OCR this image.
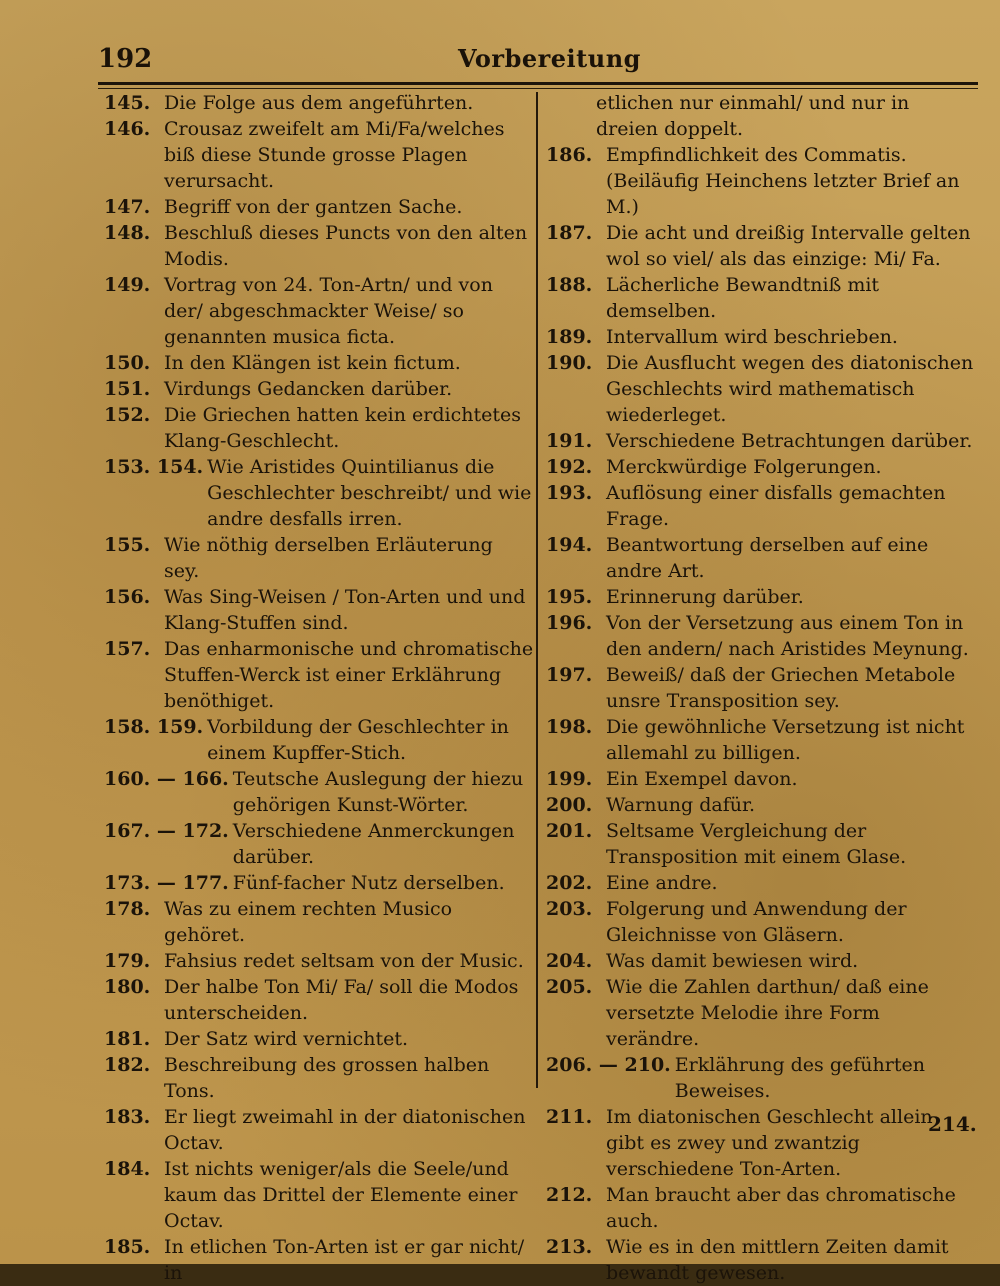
192	Vorbereitung
145. Die Folge aus dem angeführten.
146. Crousaz zweifelt am Mi/Fa/welches biß diese Stunde grosse Plagen verursacht.
147. Begriff von der gantzen Sache.
148. Beschluß dieses Puncts von den alten Modis.
149. Vortrag von 24. Ton-Artn/ und von der/ abgeschmackter Weise/ so genannten musica ficta.
150. In den Klängen ist kein fictum.
151. Virdungs Gedancken darüber.
152. Die Griechen hatten kein erdichtetes Klang-Geschlecht.
153. 154. Wie Aristides Quintilianus die Geschlechter beschreibt/ und wie andre desfalls irren.
155. Wie nöthig derselben Erläuterung sey.
156. Was Sing-Weisen / Ton-Arten und und Klang-Stuffen sind.
157. Das enharmonische und chromatische Stuffen-Werck ist einer Erklährung benöthiget.
158. 159. Vorbildung der Geschlechter in einem Kupffer-Stich.
160. — 166. Teutsche Auslegung der hiezu gehörigen Kunst-Wörter.
167. — 172. Verschiedene Anmerckungen darüber.
173. — 177. Fünf-facher Nutz derselben.
178. Was zu einem rechten Musico gehöret.
179. Fahsius redet seltsam von der Music.
180. Der halbe Ton Mi/ Fa/ soll die Modos unterscheiden.
181. Der Satz wird vernichtet.
182. Beschreibung des grossen halben Tons.
183. Er liegt zweimahl in der diatonischen Octav.
184. Ist nichts weniger/als die Seele/und kaum das Drittel der Elemente einer Octav.
185. In etlichen Ton-Arten ist er gar nicht/ in
etlichen nur einmahl/ und nur in dreien doppelt.
186. Empfindlichkeit des Commatis. (Beiläufig Heinchens letzter Brief an M.)
187. Die acht und dreißig Intervalle gelten wol so viel/ als das einzige: Mi/ Fa.
188. Lächerliche Bewandtniß mit demselben.
189. Intervallum wird beschrieben.
190. Die Ausflucht wegen des diatonischen Geschlechts wird mathematisch wiederleget.
191. Verschiedene Betrachtungen darüber.
192. Merckwürdige Folgerungen.
193. Auflösung einer disfalls gemachten Frage.
194. Beantwortung derselben auf eine andre Art.
195. Erinnerung darüber.
196. Von der Versetzung aus einem Ton in den andern/ nach Aristides Meynung.
197. Beweiß/ daß der Griechen Metabole unsre Transposition sey.
198. Die gewöhnliche Versetzung ist nicht allemahl zu billigen.
199. Ein Exempel davon.
200. Warnung dafür.
201. Seltsame Vergleichung der Transposition mit einem Glase.
202. Eine andre.
203. Folgerung und Anwendung der Gleichnisse von Gläsern.
204. Was damit bewiesen wird.
205. Wie die Zahlen darthun/ daß eine versetzte Melodie ihre Form verändre.
206. — 210. Erklährung des geführten Beweises.
211. Im diatonischen Geschlecht allein gibt es zwey und zwantzig verschiedene Ton-Arten.
212. Man braucht aber das chromatische auch.
213. Wie es in den mittlern Zeiten damit bewandt gewesen.
214.
